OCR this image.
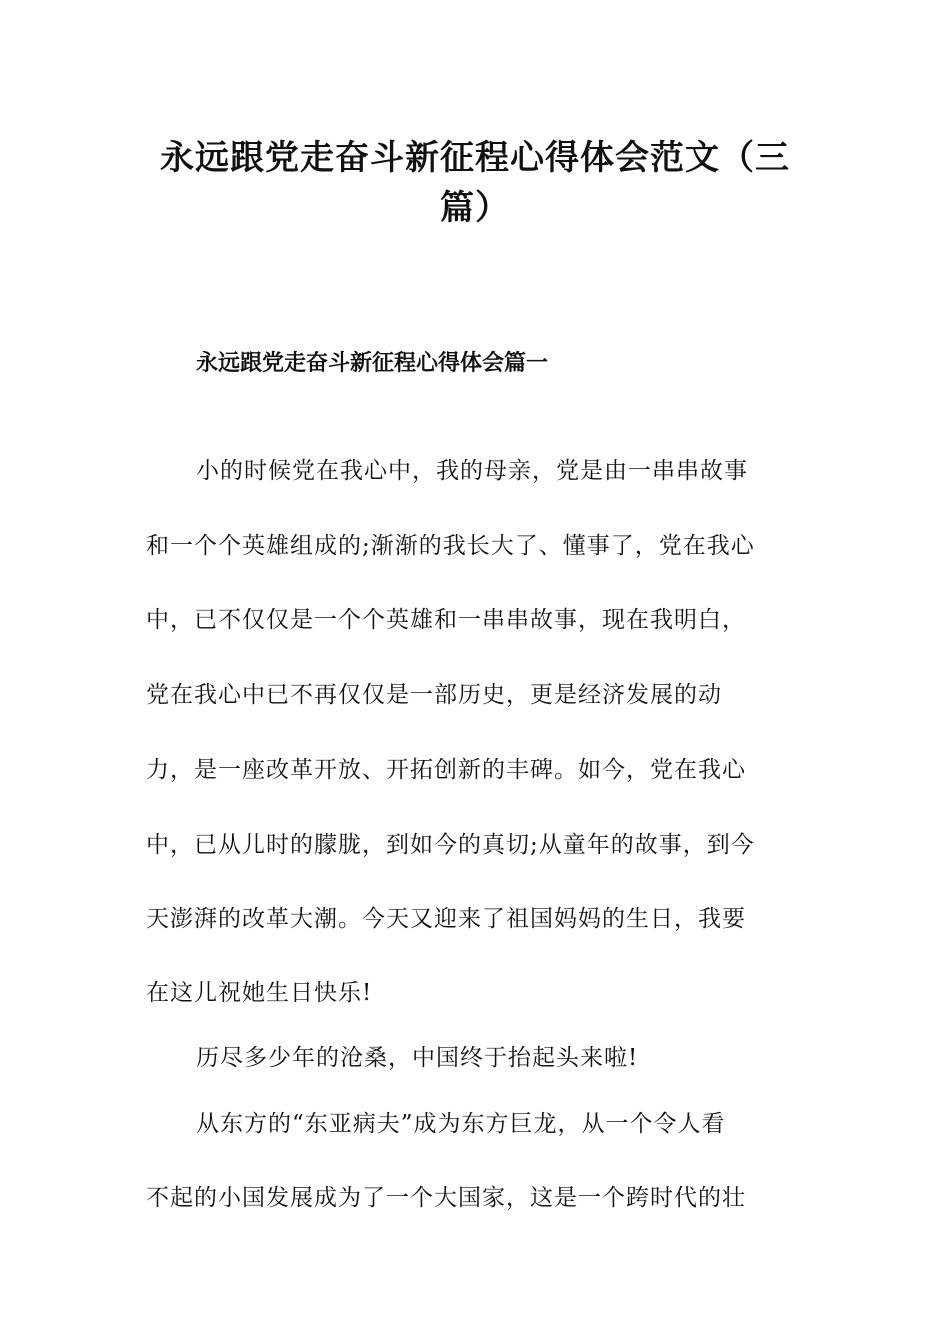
永远跟党走奋斗新征程心得体会范文（三
篇）
永远跟党走奋斗新征程心得体会篇一
小的时候党在我心中，我的母亲，党是由一串串故事
和一个个英雄组成的;渐渐的我长大了、懂事了，党在我心
中，已不仅仅是一个个英雄和一串串故事，现在我明白，
党在我心中已不再仅仅是一部历史，更是经济发展的动
力，是一座改革开放、开拓创新的丰碑。如今，党在我心
中，已从儿时的朦胧，到如今的真切;从童年的故事，到今
天澎湃的改革大潮。今天又迎来了祖国妈妈的生日，我要
在这儿祝她生日快乐!
历尽多少年的沧桑，中国终于抬起头来啦!
从东方的“东亚病夫”成为东方巨龙，从一个令人看
不起的小国发展成为了一个大国家，这是一个跨时代的壮
